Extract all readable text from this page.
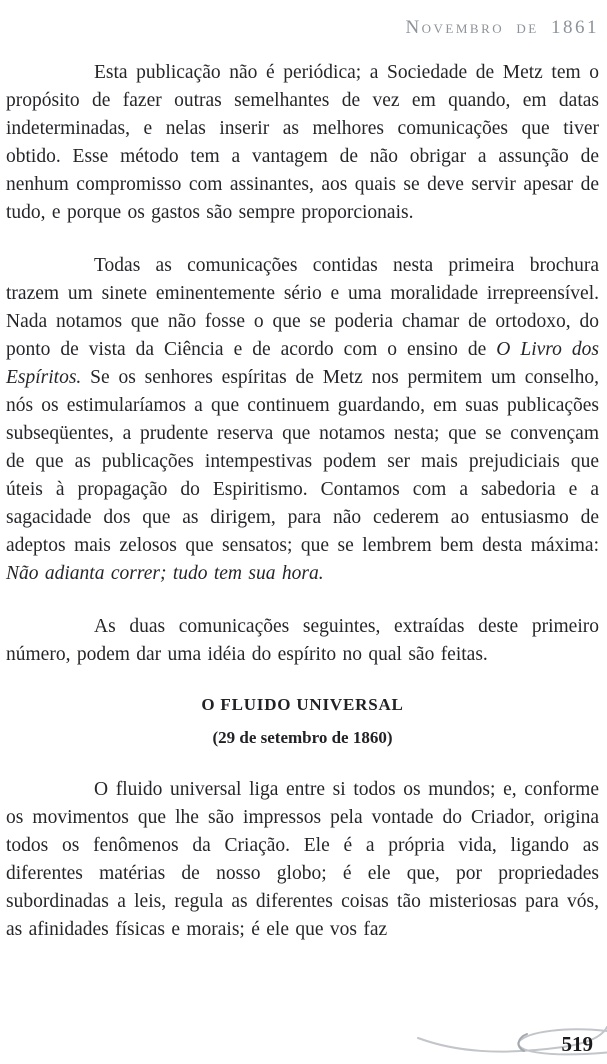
Novembro de 1861

Esta publicação não é periódica; a Sociedade de Metz tem o propósito de fazer outras semelhantes de vez em quando, em datas indeterminadas, e nelas inserir as melhores comunicações que tiver obtido. Esse método tem a vantagem de não obrigar a assunção de nenhum compromisso com assinantes, aos quais se deve servir apesar de tudo, e porque os gastos são sempre proporcionais.

Todas as comunicações contidas nesta primeira brochura trazem um sinete eminentemente sério e uma moralidade irrepreensível. Nada notamos que não fosse o que se poderia chamar de ortodoxo, do ponto de vista da Ciência e de acordo com o ensino de O Livro dos Espíritos. Se os senhores espíritas de Metz nos permitem um conselho, nós os estimularíamos a que continuem guardando, em suas publicações subseqüentes, a prudente reserva que notamos nesta; que se convençam de que as publicações intempestivas podem ser mais prejudiciais que úteis à propagação do Espiritismo. Contamos com a sabedoria e a sagacidade dos que as dirigem, para não cederem ao entusiasmo de adeptos mais zelosos que sensatos; que se lembrem bem desta máxima: Não adianta correr; tudo tem sua hora.

As duas comunicações seguintes, extraídas deste primeiro número, podem dar uma idéia do espírito no qual são feitas.

O FLUIDO UNIVERSAL
(29 de setembro de 1860)

O fluido universal liga entre si todos os mundos; e, conforme os movimentos que lhe são impressos pela vontade do Criador, origina todos os fenômenos da Criação. Ele é a própria vida, ligando as diferentes matérias de nosso globo; é ele que, por propriedades subordinadas a leis, regula as diferentes coisas tão misteriosas para vós, as afinidades físicas e morais; é ele que vos faz

519
